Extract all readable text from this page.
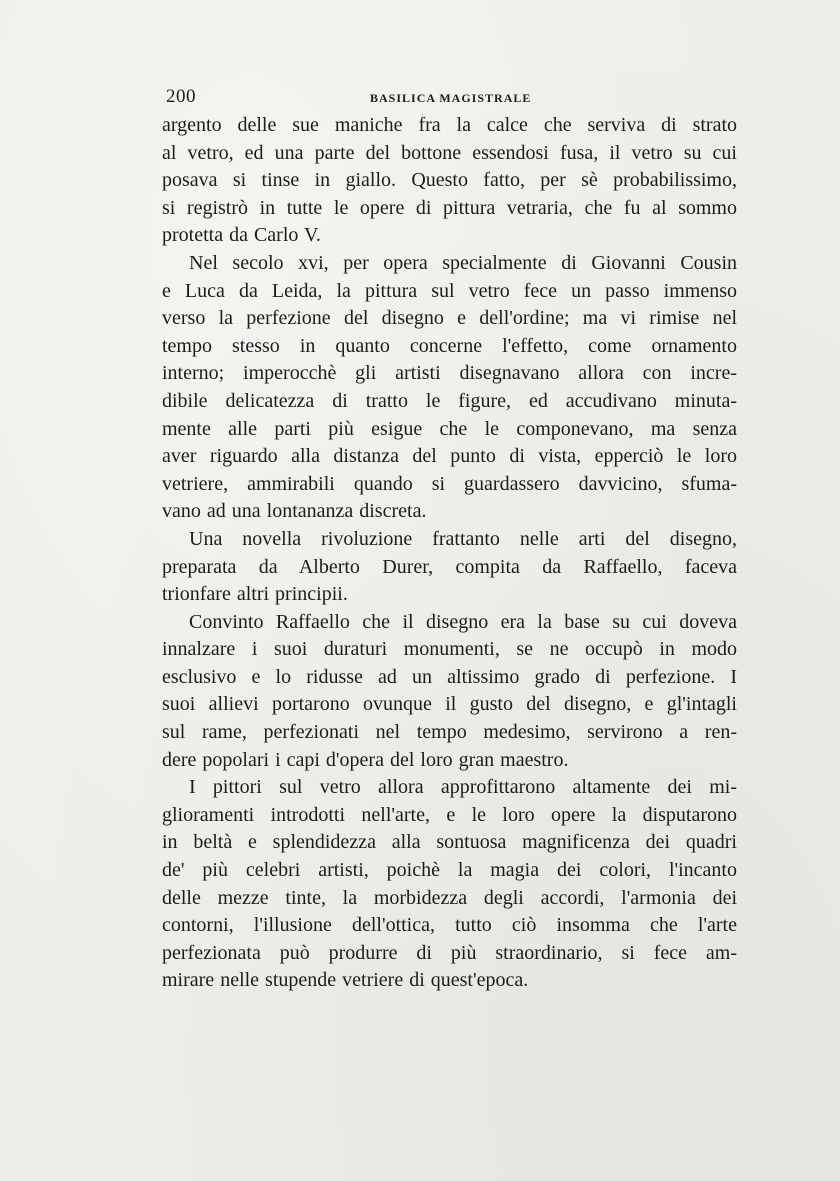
200	BASILICA MAGISTRALE
argento delle sue maniche fra la calce che serviva di strato
al vetro, ed una parte del bottone essendosi fusa, il vetro su cui
posava si tinse in giallo. Questo fatto, per sè probabilissimo,
si registrò in tutte le opere di pittura vetraria, che fu al sommo
protetta da Carlo V.
Nel secolo xvi, per opera specialmente di Giovanni Cousin
e Luca da Leida, la pittura sul vetro fece un passo immenso
verso la perfezione del disegno e dell'ordine; ma vi rimise nel
tempo stesso in quanto concerne l'effetto, come ornamento
interno; imperocchè gli artisti disegnavano allora con incre-
dibile delicatezza di tratto le figure, ed accudivano minuta-
mente alle parti più esigue che le componevano, ma senza
aver riguardo alla distanza del punto di vista, epperciò le loro
vetriere, ammirabili quando si guardassero davvicino, sfuma-
vano ad una lontananza discreta.
Una novella rivoluzione frattanto nelle arti del disegno,
preparata da Alberto Durer, compita da Raffaello, faceva
trionfare altri principii.
Convinto Raffaello che il disegno era la base su cui doveva
innalzare i suoi duraturi monumenti, se ne occupò in modo
esclusivo e lo ridusse ad un altissimo grado di perfezione. I
suoi allievi portarono ovunque il gusto del disegno, e gl'intagli
sul rame, perfezionati nel tempo medesimo, servirono a ren-
dere popolari i capi d'opera del loro gran maestro.
I pittori sul vetro allora approfittarono altamente dei mi-
glioramenti introdotti nell'arte, e le loro opere la disputarono
in beltà e splendidezza alla sontuosa magnificenza dei quadri
de' più celebri artisti, poichè la magia dei colori, l'incanto
delle mezze tinte, la morbidezza degli accordi, l'armonia dei
contorni, l'illusione dell'ottica, tutto ciò insomma che l'arte
perfezionata può produrre di più straordinario, si fece am-
mirare nelle stupende vetriere di quest'epoca.
